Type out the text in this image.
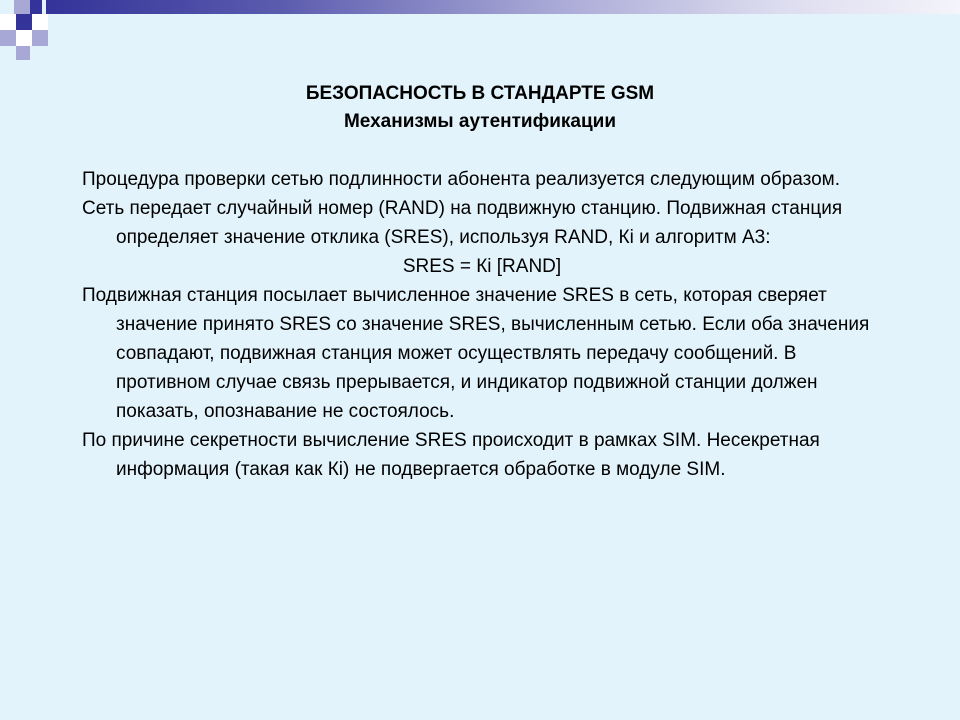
БЕЗОПАСНОСТЬ В СТАНДАРТЕ GSM
Механизмы аутентификации

Процедура проверки сетью подлинности абонента реализуется следующим образом.

Сеть передает случайный номер (RAND) на подвижную станцию. Подвижная станция определяет значение отклика (SRES), используя RAND, Кi и алгоритм А3:

SRES = Кi [RAND]

Подвижная станция посылает вычисленное значение SRES в сеть, которая сверяет значение принято SRES со значение SRES, вычисленным сетью. Если оба значения совпадают, подвижная станция может осуществлять передачу сообщений. В противном случае связь прерывается, и индикатор подвижной станции должен показать, опознавание не состоялось.

По причине секретности вычисление SRES происходит в рамках SIM. Несекретная информация (такая как Кi) не подвергается обработке в модуле SIM.
